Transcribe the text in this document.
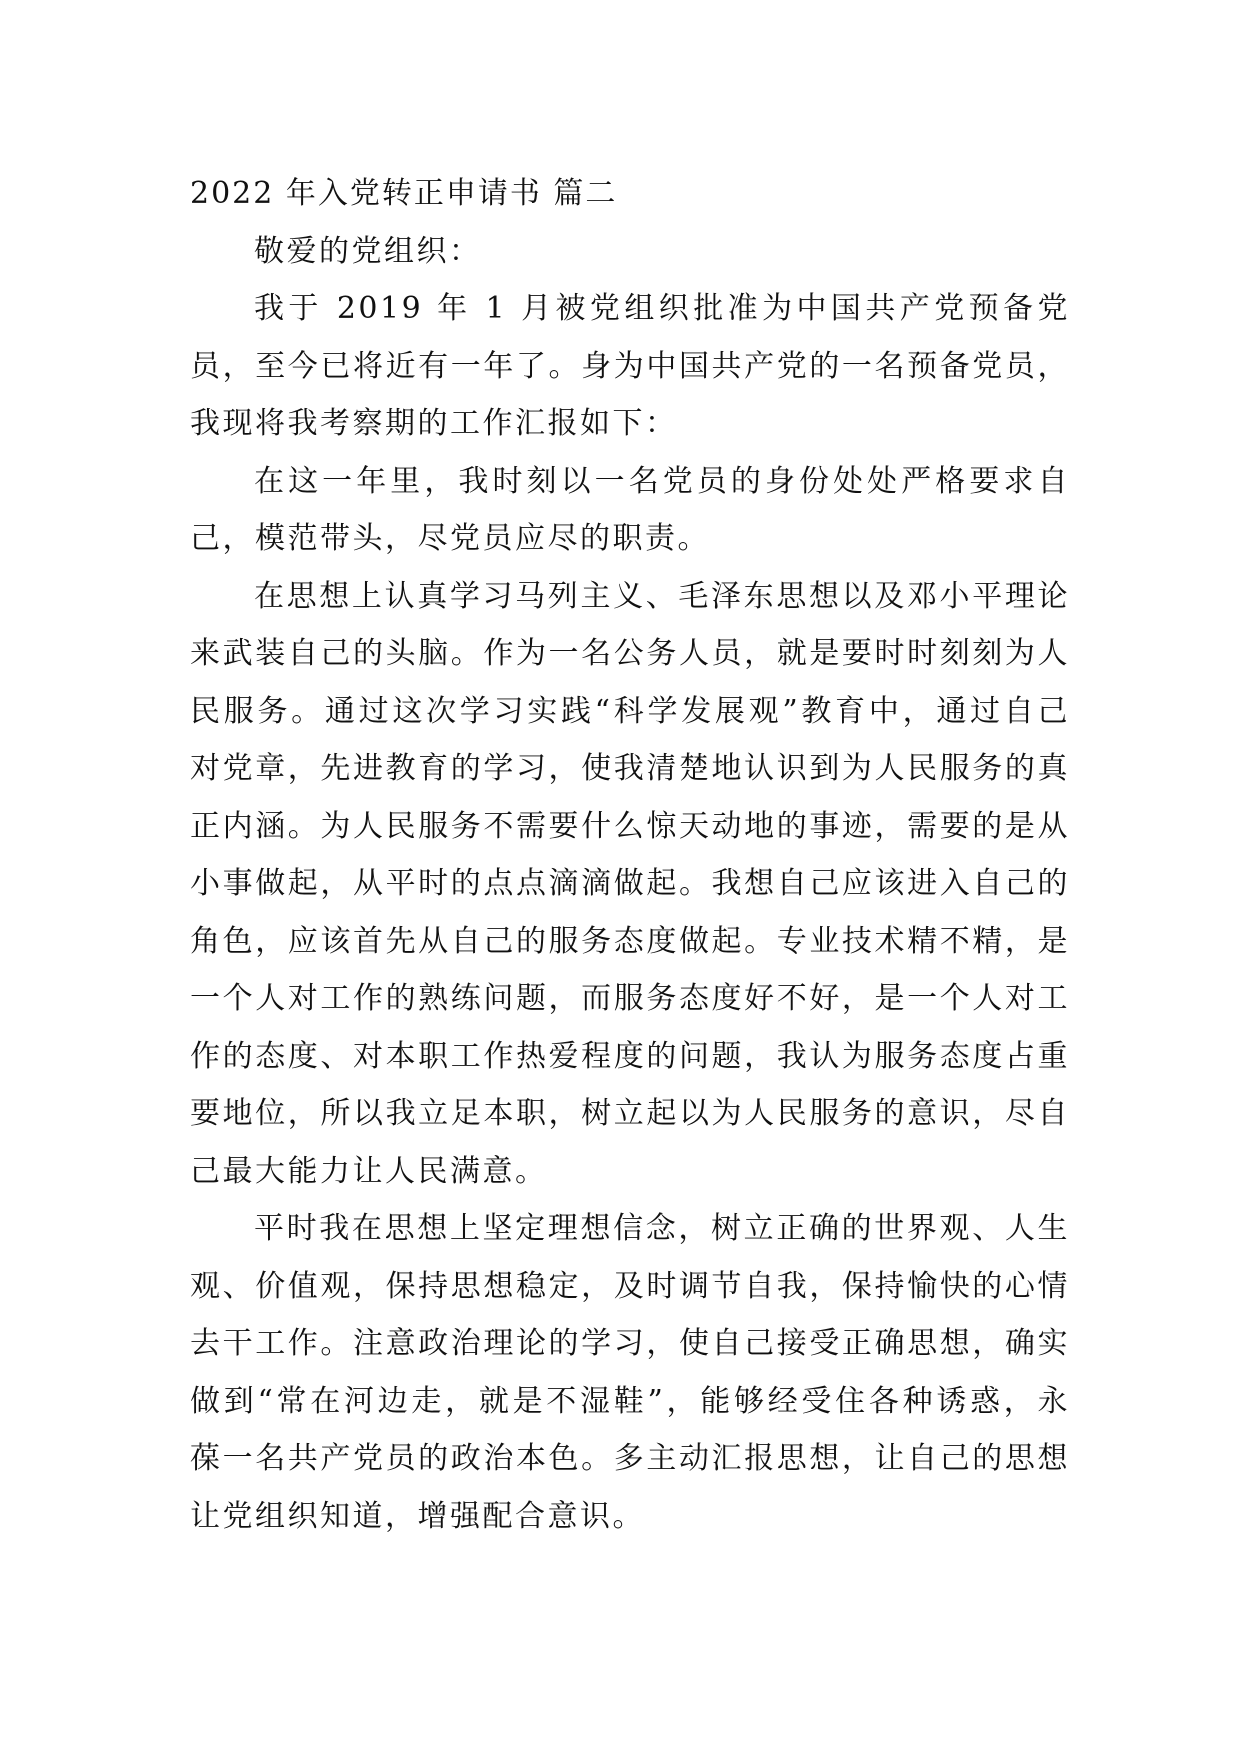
2022 年入党转正申请书 篇二

敬爱的党组织：

我于 2019 年 1 月被党组织批准为中国共产党预备党员，至今已将近有一年了。身为中国共产党的一名预备党员，我现将我考察期的工作汇报如下：

在这一年里，我时刻以一名党员的身份处处严格要求自己，模范带头，尽党员应尽的职责。

在思想上认真学习马列主义、毛泽东思想以及邓小平理论来武装自己的头脑。作为一名公务人员，就是要时时刻刻为人民服务。通过这次学习实践“科学发展观”教育中，通过自己对党章，先进教育的学习，使我清楚地认识到为人民服务的真正内涵。为人民服务不需要什么惊天动地的事迹，需要的是从小事做起，从平时的点点滴滴做起。我想自己应该进入自己的角色，应该首先从自己的服务态度做起。专业技术精不精，是一个人对工作的熟练问题，而服务态度好不好，是一个人对工作的态度、对本职工作热爱程度的问题，我认为服务态度占重要地位，所以我立足本职，树立起以为人民服务的意识，尽自己最大能力让人民满意。

平时我在思想上坚定理想信念，树立正确的世界观、人生观、价值观，保持思想稳定，及时调节自我，保持愉快的心情去干工作。注意政治理论的学习，使自己接受正确思想，确实做到“常在河边走，就是不湿鞋”，能够经受住各种诱惑，永葆一名共产党员的政治本色。多主动汇报思想，让自己的思想让党组织知道，增强配合意识。
